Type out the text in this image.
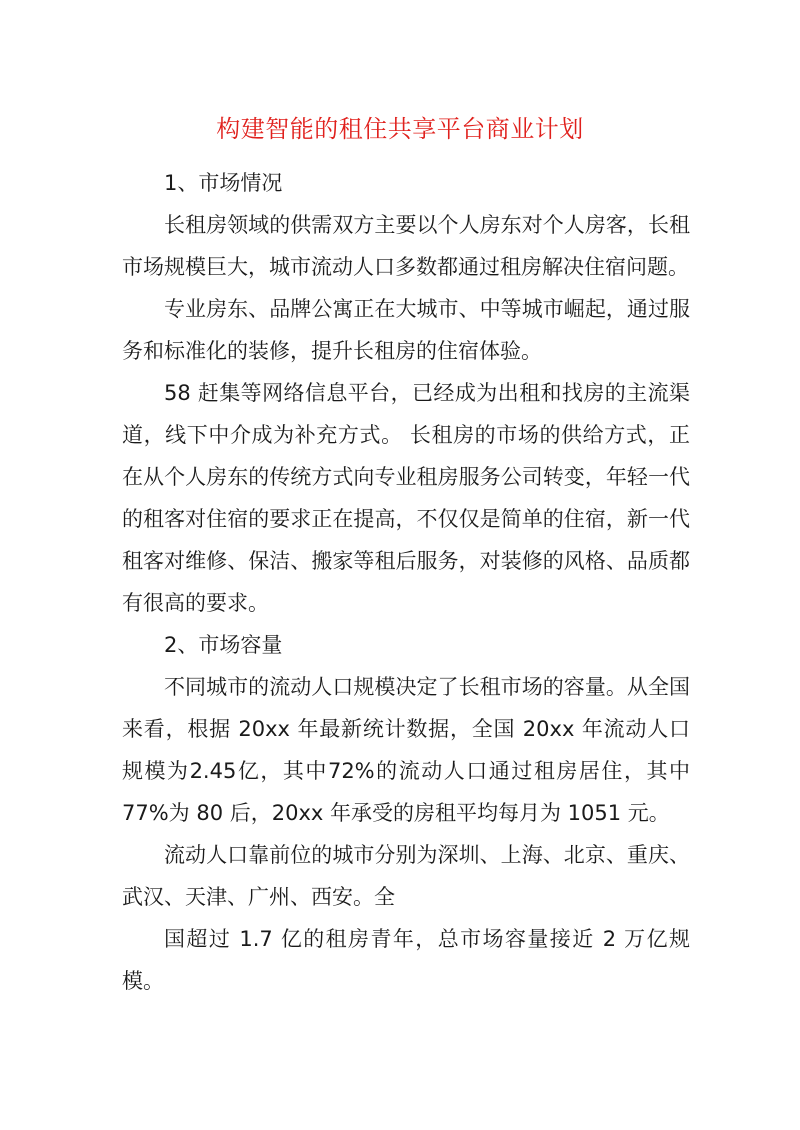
构建智能的租住共享平台商业计划

1、市场情况

长租房领域的供需双方主要以个人房东对个人房客，长租市场规模巨大，城市流动人口多数都通过租房解决住宿问题。

专业房东、品牌公寓正在大城市、中等城市崛起，通过服务和标准化的装修，提升长租房的住宿体验。

58 赶集等网络信息平台，已经成为出租和找房的主流渠道，线下中介成为补充方式。 长租房的市场的供给方式，正在从个人房东的传统方式向专业租房服务公司转变，年轻一代的租客对住宿的要求正在提高，不仅仅是简单的住宿，新一代租客对维修、保洁、搬家等租后服务，对装修的风格、品质都有很高的要求。

2、市场容量

不同城市的流动人口规模决定了长租市场的容量。从全国来看，根据 20xx 年最新统计数据，全国 20xx 年流动人口规模为2.45亿，其中72%的流动人口通过租房居住，其中77%为 80 后，20xx 年承受的房租平均每月为 1051 元。

流动人口靠前位的城市分别为深圳、上海、北京、重庆、武汉、天津、广州、西安。全

国超过 1.7 亿的租房青年，总市场容量接近 2 万亿规模。
